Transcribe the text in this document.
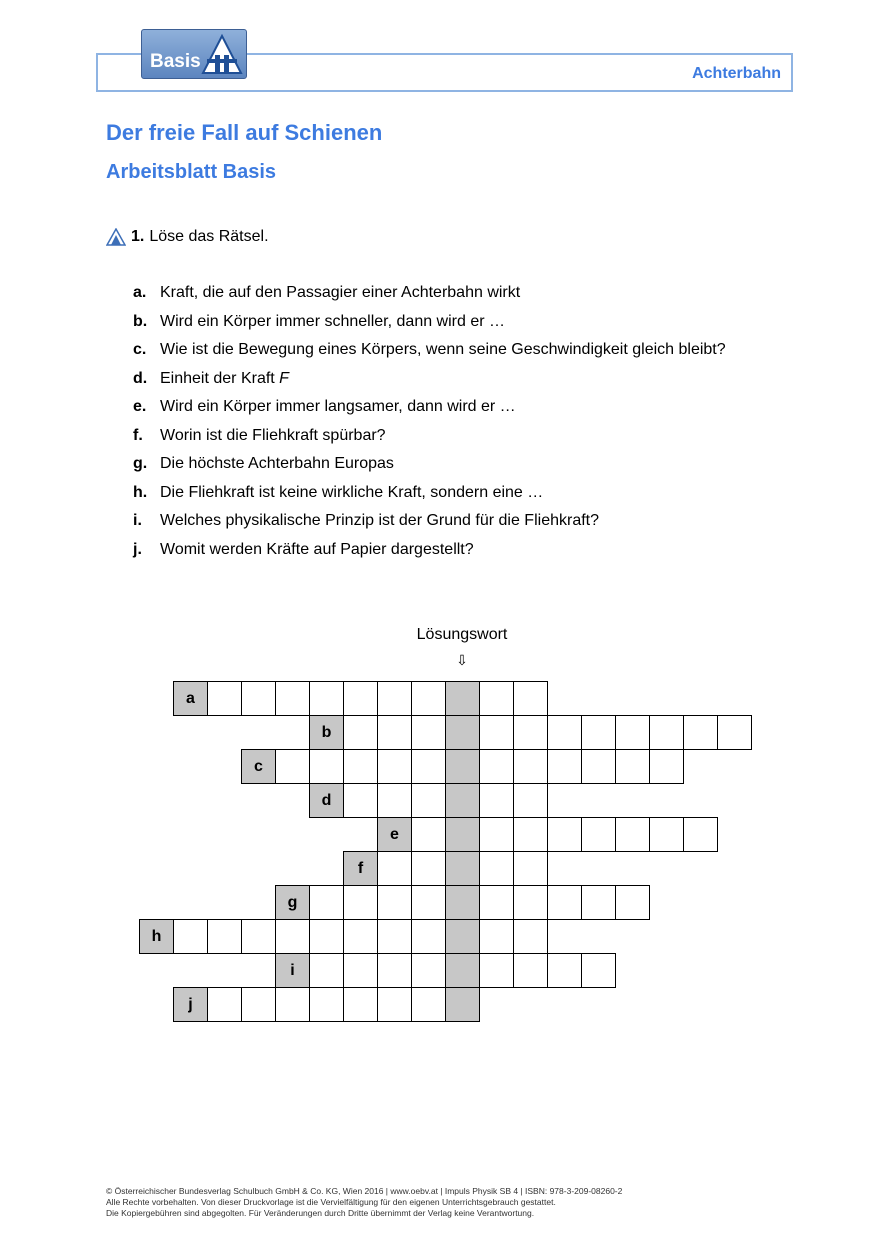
Achterbahn
Basis
Der freie Fall auf Schienen
Arbeitsblatt Basis
1. Löse das Rätsel.
a. Kraft, die auf den Passagier einer Achterbahn wirkt
b. Wird ein Körper immer schneller, dann wird er …
c. Wie ist die Bewegung eines Körpers, wenn seine Geschwindigkeit gleich bleibt?
d. Einheit der Kraft F
e. Wird ein Körper immer langsamer, dann wird er …
f.	Worin ist die Fliehkraft spürbar?
g. Die höchste Achterbahn Europas
h. Die Fliehkraft ist keine wirkliche Kraft, sondern eine …
i.	Welches physikalische Prinzip ist der Grund für die Fliehkraft?
j.	Womit werden Kräfte auf Papier dargestellt?
Lösungswort
⇩
a
b
c
d
e
f
g
h
i
j
© Österreichischer Bundesverlag Schulbuch GmbH & Co. KG, Wien 2016 | www.oebv.at | Impuls Physik SB 4 | ISBN: 978-3-209-08260-2
Alle Rechte vorbehalten. Von dieser Druckvorlage ist die Vervielfältigung für den eigenen Unterrichtsgebrauch gestattet.
Die Kopiergebühren sind abgegolten. Für Veränderungen durch Dritte übernimmt der Verlag keine Verantwortung.
